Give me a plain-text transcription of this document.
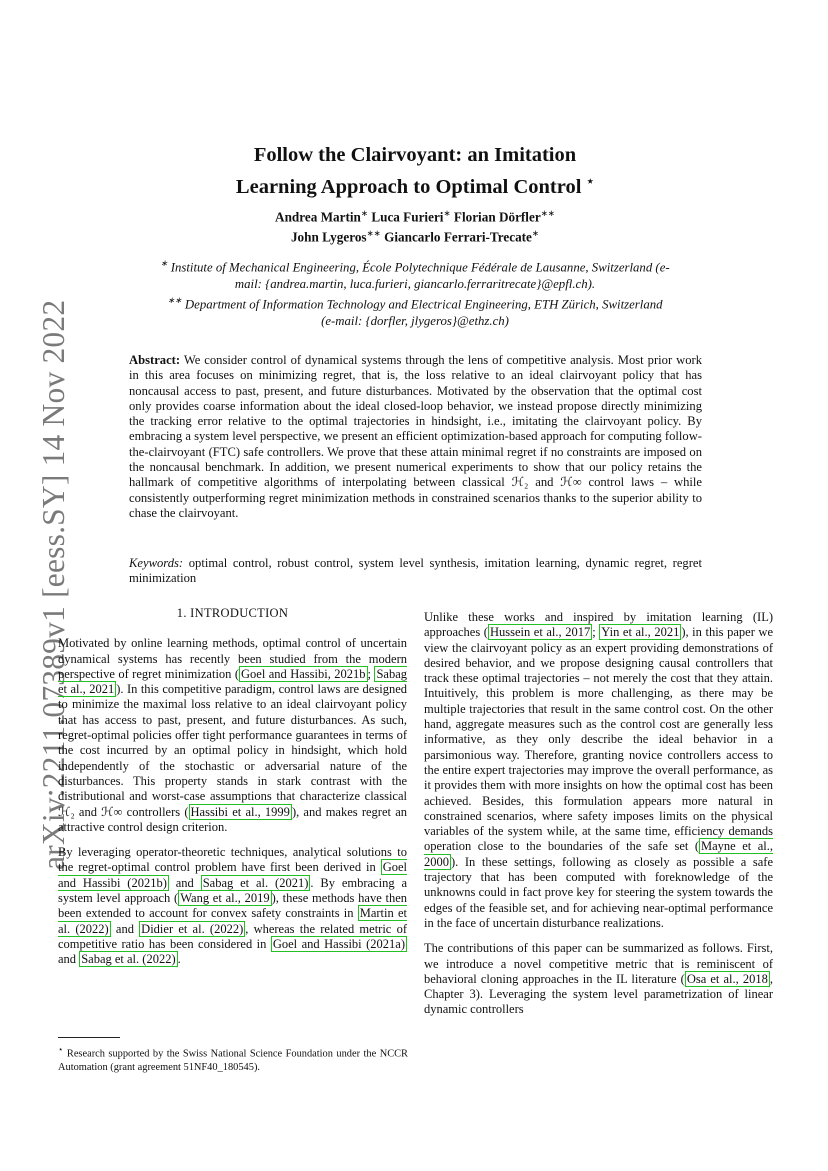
arXiv:2211.07389v1 [eess.SY] 14 Nov 2022
Follow the Clairvoyant: an Imitation
Learning Approach to Optimal Control ⋆
Andrea Martin∗ Luca Furieri∗ Florian Dörfler∗∗
John Lygeros∗∗ Giancarlo Ferrari-Trecate∗
∗ Institute of Mechanical Engineering, École Polytechnique Fédérale de Lausanne, Switzerland (e-mail: {andrea.martin, luca.furieri, giancarlo.ferraritrecate}@epfl.ch).
∗∗ Department of Information Technology and Electrical Engineering, ETH Zürich, Switzerland (e-mail: {dorfler, jlygeros}@ethz.ch)
Abstract: We consider control of dynamical systems through the lens of competitive analysis. Most prior work in this area focuses on minimizing regret, that is, the loss relative to an ideal clairvoyant policy that has noncausal access to past, present, and future disturbances. Motivated by the observation that the optimal cost only provides coarse information about the ideal closed-loop behavior, we instead propose directly minimizing the tracking error relative to the optimal trajectories in hindsight, i.e., imitating the clairvoyant policy. By embracing a system level perspective, we present an efficient optimization-based approach for computing follow-the-clairvoyant (FTC) safe controllers. We prove that these attain minimal regret if no constraints are imposed on the noncausal benchmark. In addition, we present numerical experiments to show that our policy retains the hallmark of competitive algorithms of interpolating between classical ℋ₂ and ℋ∞ control laws – while consistently outperforming regret minimization methods in constrained scenarios thanks to the superior ability to chase the clairvoyant.
Keywords: optimal control, robust control, system level synthesis, imitation learning, dynamic regret, regret minimization
1. INTRODUCTION

Motivated by online learning methods, optimal control of uncertain dynamical systems has recently been studied from the modern perspective of regret minimization ( Goel and Hassibi, 2021b ; Sabag et al., 2021 ). In this competitive paradigm, control laws are designed to minimize the maximal loss relative to an ideal clairvoyant policy that has access to past, present, and future disturbances. As such, regret-optimal policies offer tight performance guarantees in terms of the cost incurred by an optimal policy in hindsight, which hold independently of the stochastic or adversarial nature of the disturbances. This property stands in stark contrast with the distributional and worst-case assumptions that characterize classical ℋ₂ and ℋ∞ controllers ( Hassibi et al., 1999 ), and makes regret an attractive control design criterion.

By leveraging operator-theoretic techniques, analytical solutions to the regret-optimal control problem have first been derived in Goel and Hassibi (2021b) and Sabag et al. (2021) . By embracing a system level approach ( Wang et al., 2019 ), these methods have then been extended to account for convex safety constraints in Martin et al. (2022) and Didier et al. (2022) , whereas the related metric of competitive ratio has been considered in Goel and Hassibi (2021a) and Sabag et al. (2022) .

Unlike these works and inspired by imitation learning (IL) approaches ( Hussein et al., 2017 ; Yin et al., 2021 ), in this paper we view the clairvoyant policy as an expert providing demonstrations of desired behavior, and we propose designing causal controllers that track these optimal trajectories – not merely the cost that they attain. Intuitively, this problem is more challenging, as there may be multiple trajectories that result in the same control cost. On the other hand, aggregate measures such as the control cost are generally less informative, as they only describe the ideal behavior in a parsimonious way. Therefore, granting novice controllers access to the entire expert trajectories may improve the overall performance, as it provides them with more insights on how the optimal cost has been achieved. Besides, this formulation appears more natural in constrained scenarios, where safety imposes limits on the physical variables of the system while, at the same time, efficiency demands operation close to the boundaries of the safe set ( Mayne et al., 2000 ). In these settings, following as closely as possible a safe trajectory that has been computed with foreknowledge of the unknowns could in fact prove key for steering the system towards the edges of the feasible set, and for achieving near-optimal performance in the face of uncertain disturbance realizations.

The contributions of this paper can be summarized as follows. First, we introduce a novel competitive metric that is reminiscent of behavioral cloning approaches in the IL literature ( Osa et al., 2018 , Chapter 3). Leveraging the system level parametrization of linear dynamic controllers

⋆ Research supported by the Swiss National Science Foundation under the NCCR Automation (grant agreement 51NF40_180545).
